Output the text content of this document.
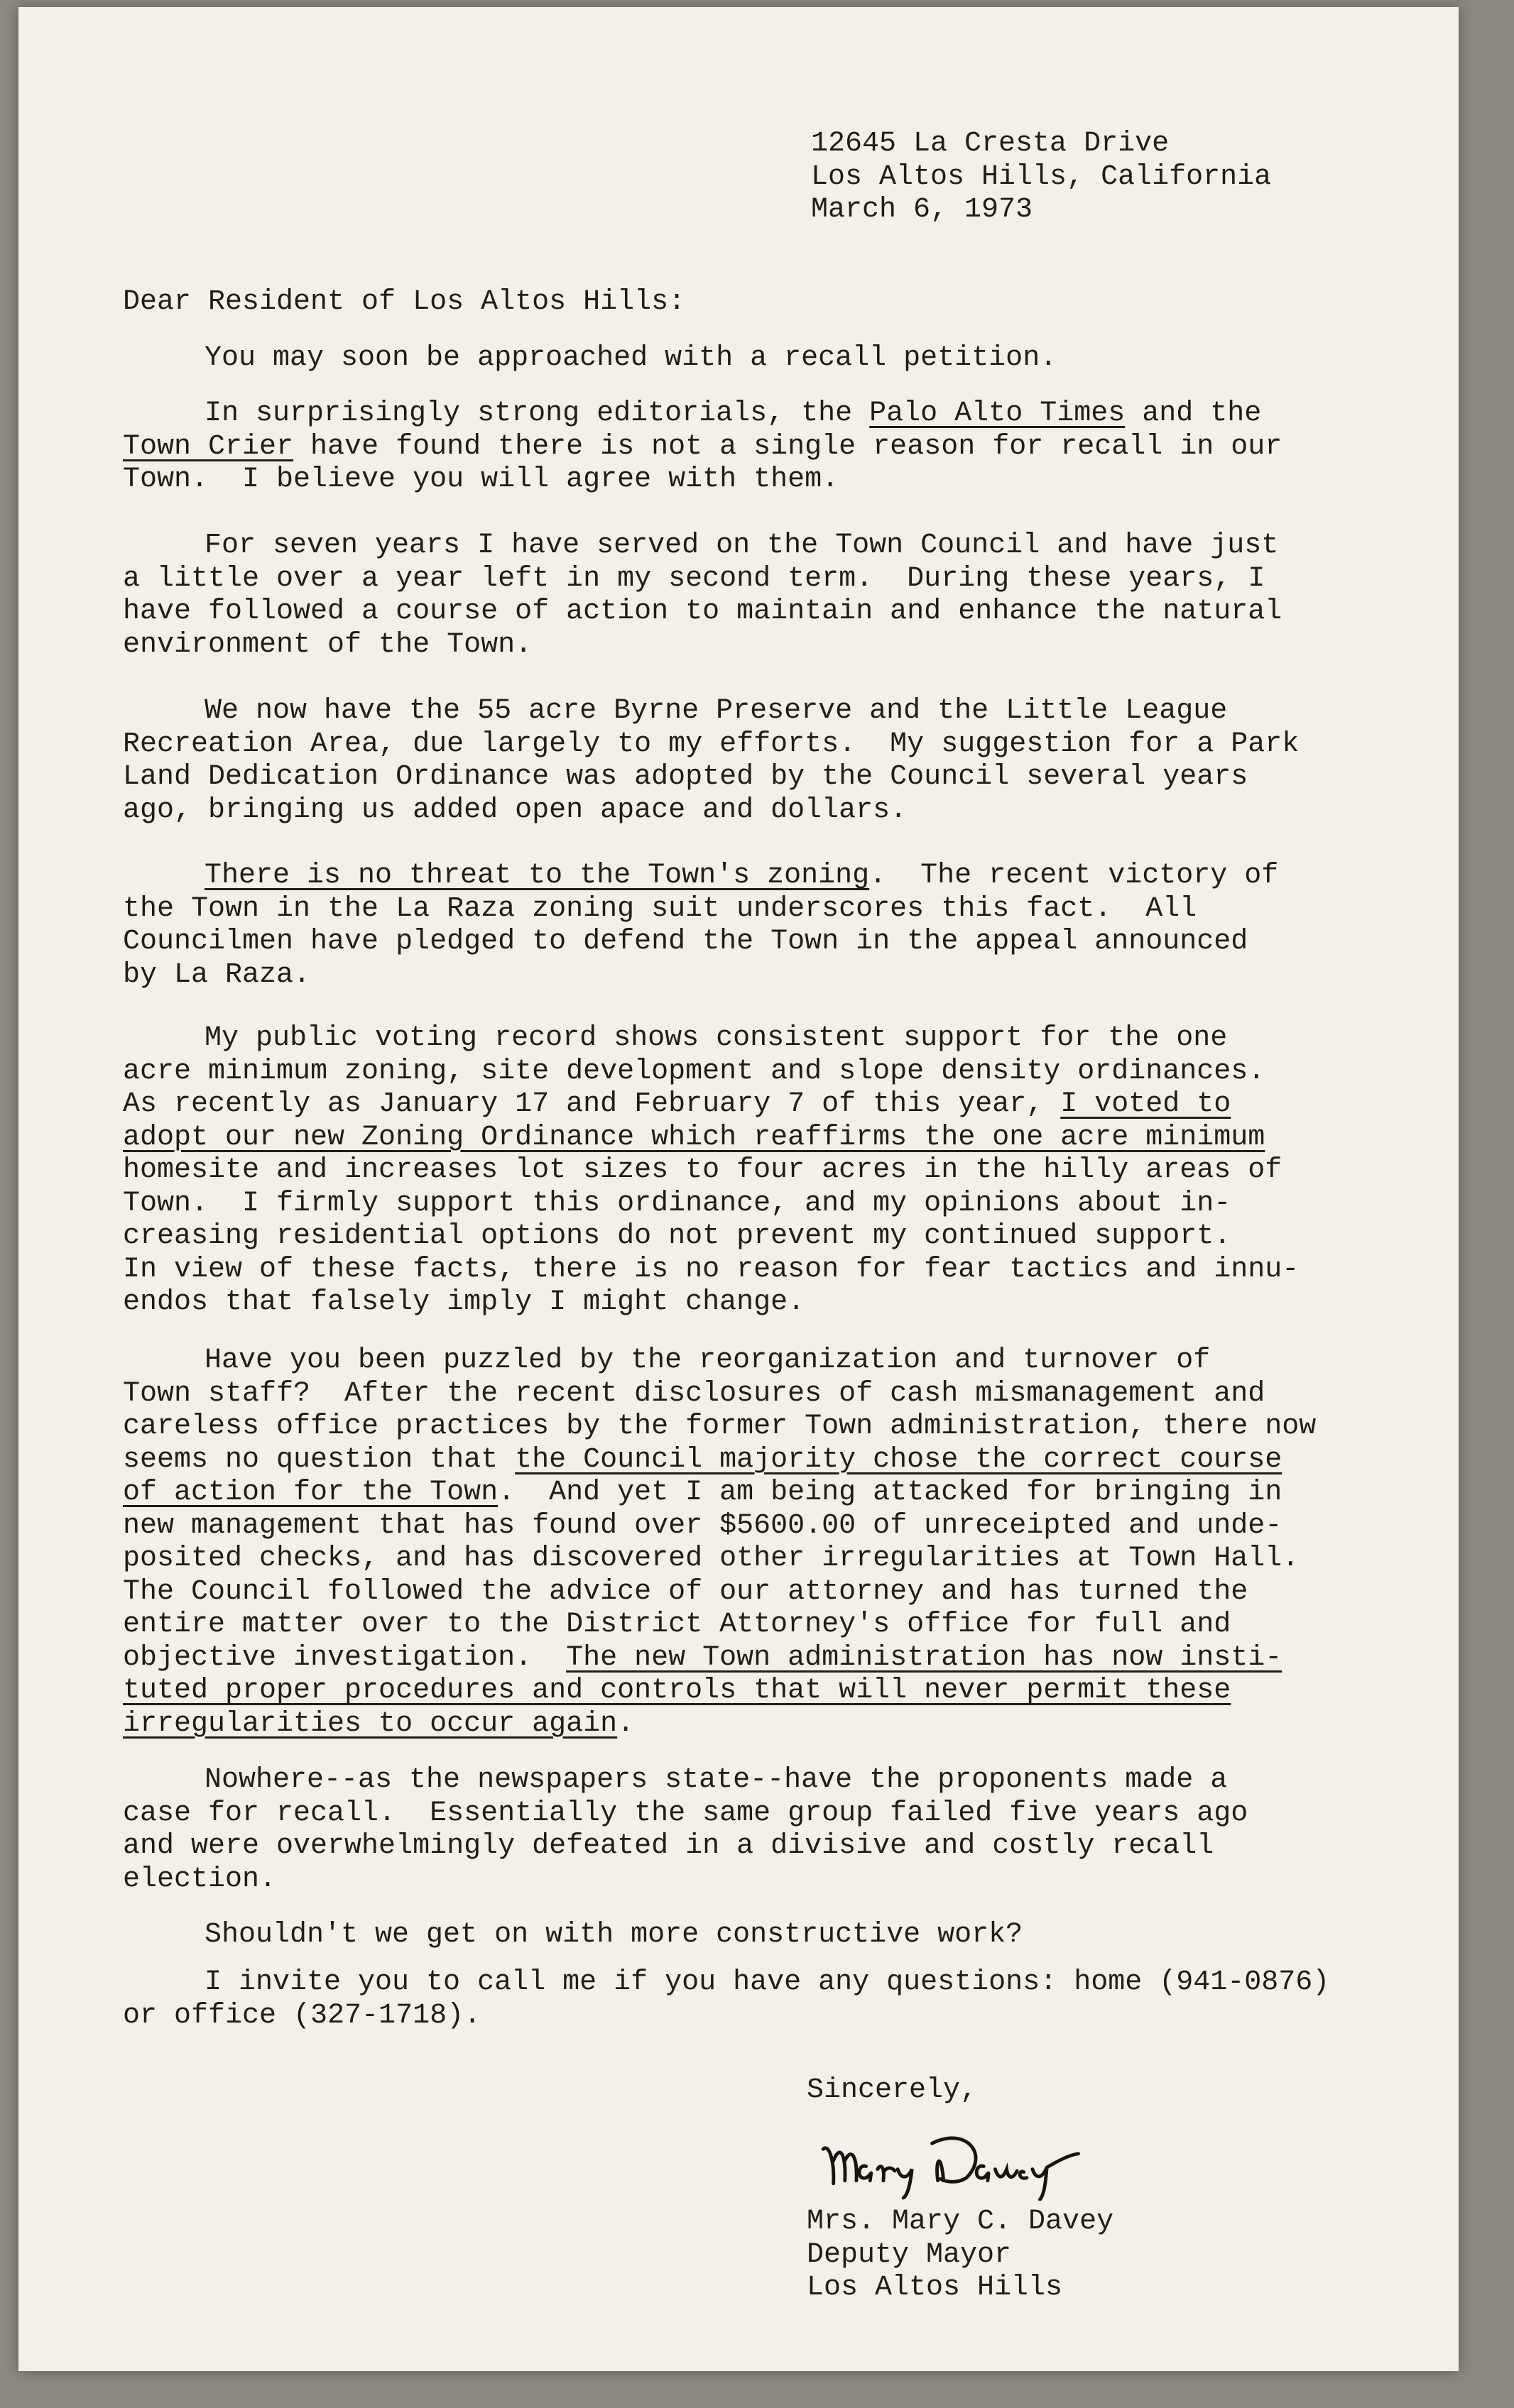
12645 La Cresta Drive
Los Altos Hills, California
March 6, 1973
Dear Resident of Los Altos Hills:
You may soon be approached with a recall petition.
In surprisingly strong editorials, the Palo Alto Times and the
Town Crier have found there is not a single reason for recall in our
Town.  I believe you will agree with them.
For seven years I have served on the Town Council and have just
a little over a year left in my second term.  During these years, I
have followed a course of action to maintain and enhance the natural
environment of the Town.
We now have the 55 acre Byrne Preserve and the Little League
Recreation Area, due largely to my efforts.  My suggestion for a Park
Land Dedication Ordinance was adopted by the Council several years
ago, bringing us added open apace and dollars.
There is no threat to the Town's zoning.  The recent victory of
the Town in the La Raza zoning suit underscores this fact.  All
Councilmen have pledged to defend the Town in the appeal announced
by La Raza.
My public voting record shows consistent support for the one
acre minimum zoning, site development and slope density ordinances.
As recently as January 17 and February 7 of this year, I voted to
adopt our new Zoning Ordinance which reaffirms the one acre minimum
homesite and increases lot sizes to four acres in the hilly areas of
Town.  I firmly support this ordinance, and my opinions about in-
creasing residential options do not prevent my continued support.
In view of these facts, there is no reason for fear tactics and innu-
endos that falsely imply I might change.
Have you been puzzled by the reorganization and turnover of
Town staff?  After the recent disclosures of cash mismanagement and
careless office practices by the former Town administration, there now
seems no question that the Council majority chose the correct course
of action for the Town.  And yet I am being attacked for bringing in
new management that has found over $5600.00 of unreceipted and unde-
posited checks, and has discovered other irregularities at Town Hall.
The Council followed the advice of our attorney and has turned the
entire matter over to the District Attorney's office for full and
objective investigation.  The new Town administration has now insti-
tuted proper procedures and controls that will never permit these
irregularities to occur again.
Nowhere--as the newspapers state--have the proponents made a
case for recall.  Essentially the same group failed five years ago
and were overwhelmingly defeated in a divisive and costly recall
election.
Shouldn't we get on with more constructive work?
I invite you to call me if you have any questions: home (941-0876)
or office (327-1718).
Sincerely,
Mrs. Mary C. Davey
Deputy Mayor
Los Altos Hills
